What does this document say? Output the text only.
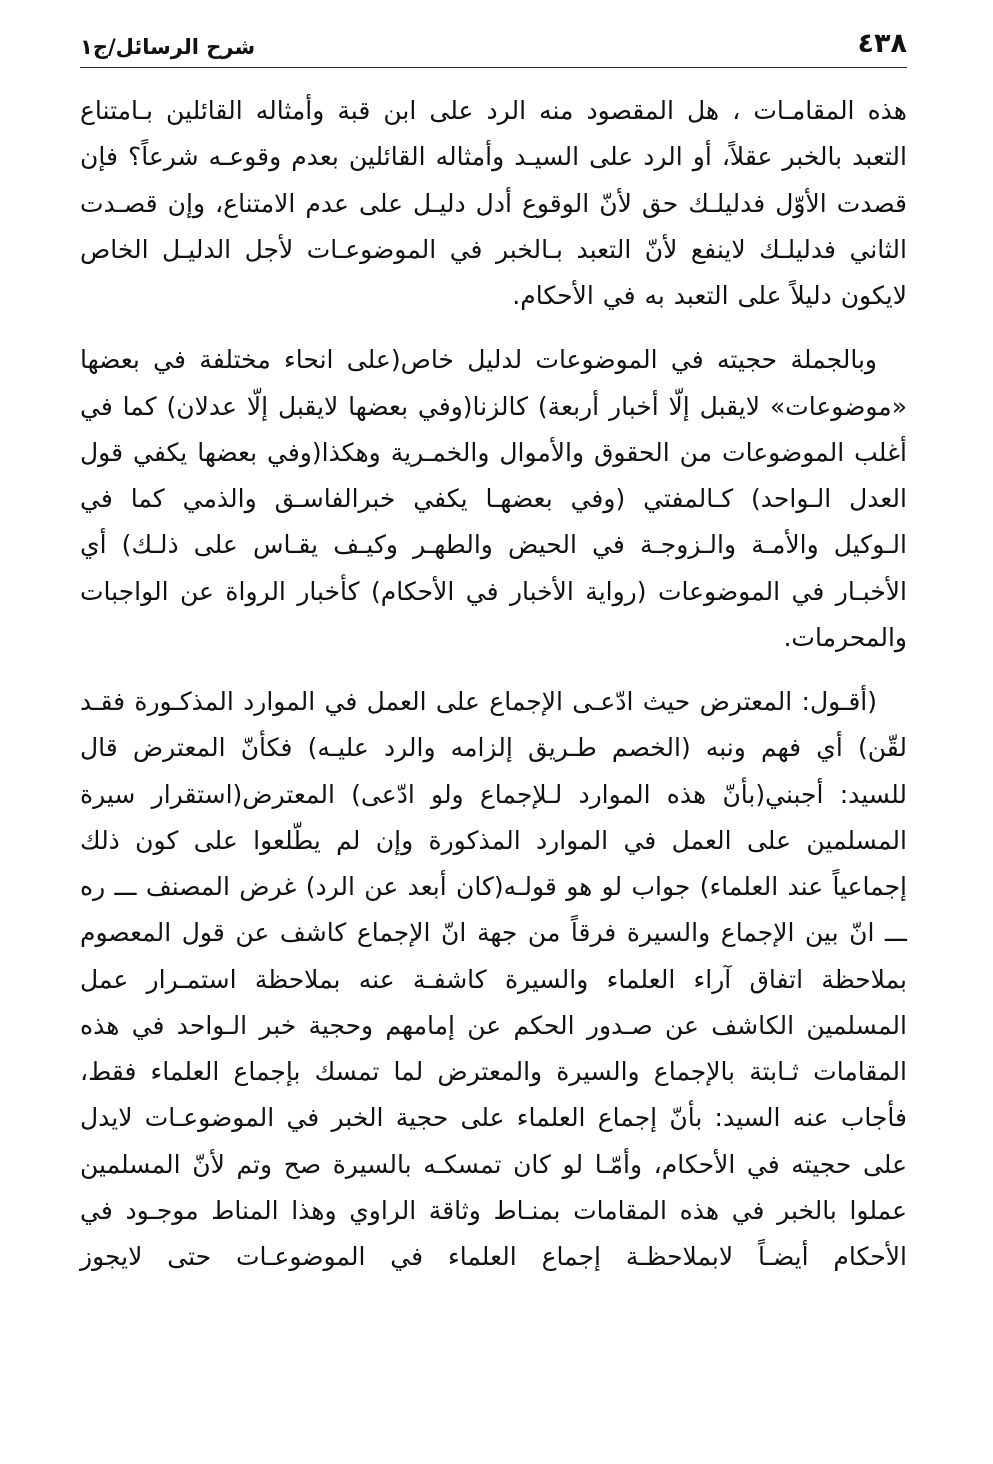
٤٣٨
شرح الرسائل/ج١

هذه المقامـات ، هل المقصود منه الرد على ابن قبة وأمثاله القائلين بـامتناع التعبد بالخبر عقلاً، أو الرد على السيـد وأمثاله القائلين بعدم وقوعـه شرعاً؟ فإن قصدت الأوّل فدليلـك حق لأنّ الوقوع أدل دليـل على عدم الامتناع، وإن قصـدت الثاني فدليلـك لاينفع لأنّ التعبد بـالخبر في الموضوعـات لأجل الدليـل الخاص لايكون دليلاً على التعبد به في الأحكام.

وبالجملة حجيته في الموضوعات لدليل خاص(على انحاء مختلفة في بعضها «موضوعات» لايقبل إلّا أخبار أربعة) كالزنا(وفي بعضها لايقبل إلّا عدلان) كما في أغلب الموضوعات من الحقوق والأموال والخمـرية وهكذا(وفي بعضها يكفي قول العدل الـواحد) كـالمفتي (وفي بعضهـا يكفي خبرالفاسـق والذمي كما في الـوكيل والأمـة والـزوجـة في الحيض والطهـر وكيـف يقـاس على ذلـك) أي الأخبـار في الموضوعات (رواية الأخبار في الأحكام) كأخبار الرواة عن الواجبات والمحرمات.

(أقـول: المعترض حيث ادّعـى الإجماع على العمل في الموارد المذكـورة فقـد لقّن) أي فهم ونبه (الخصم طـريق إلزامه والرد عليـه) فكأنّ المعترض قال للسيد: أجبني(بأنّ هذه الموارد لـلإجماع ولو ادّعى) المعترض(استقرار سيرة المسلمين على العمل في الموارد المذكورة وإن لم يطّلعوا على كون ذلك إجماعياً عند العلماء) جواب لو هو قولـه(كان أبعد عن الرد) غرض المصنف ـــ ره ـــ انّ بين الإجماع والسيرة فرقاً من جهة انّ الإجماع كاشف عن قول المعصوم بملاحظة اتفاق آراء العلماء والسيرة كاشفـة عنه بملاحظة استمـرار عمل المسلمين الكاشف عن صـدور الحكم عن إمامهم وحجية خبر الـواحد في هذه المقامات ثـابتة بالإجماع والسيرة والمعترض لما تمسك بإجماع العلماء فقط، فأجاب عنه السيد: بأنّ إجماع العلماء على حجية الخبر في الموضوعـات لايدل على حجيته في الأحكام، وأمّـا لو كان تمسكـه بالسيرة صح وتم لأنّ المسلمين عملوا بالخبر في هذه المقامات بمنـاط وثاقة الراوي وهذا المناط موجـود في الأحكام أيضـاً لابملاحظـة إجماع العلماء في الموضوعـات حتى لايجوز
